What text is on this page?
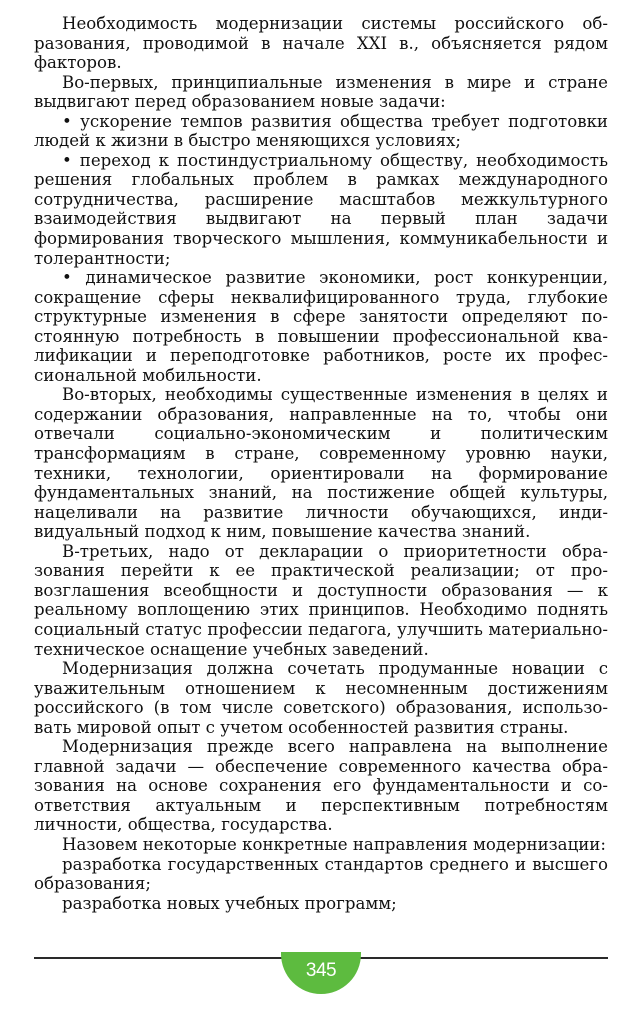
Необходимость модернизации системы российского образования, проводимой в начале XXI в., объясняется рядом факторов.

Во-первых, принципиальные изменения в мире и стране выдвигают перед образованием новые задачи:

• ускорение темпов развития общества требует подготовки людей к жизни в быстро меняющихся условиях;

• переход к постиндустриальному обществу, необходимость решения глобальных проблем в рамках международного сотрудничества, расширение масштабов межкультурного взаимодействия выдвигают на первый план задачи формирования творческого мышления, коммуникабельности и толерантности;

• динамическое развитие экономики, рост конкуренции, сокращение сферы неквалифицированного труда, глубокие структурные изменения в сфере занятости определяют постоянную потребность в повышении профессиональной квалификации и переподготовке работников, росте их профессиональной мобильности.

Во-вторых, необходимы существенные изменения в целях и содержании образования, направленные на то, чтобы они отвечали социально-экономическим и политическим трансформациям в стране, современному уровню науки, техники, технологии, ориентировали на формирование фундаментальных знаний, на постижение общей культуры, нацеливали на развитие личности обучающихся, индивидуальный подход к ним, повышение качества знаний.

В-третьих, надо от декларации о приоритетности образования перейти к ее практической реализации; от провозглашения всеобщности и доступности образования — к реальному воплощению этих принципов. Необходимо поднять социальный статус профессии педагога, улучшить материально-техническое оснащение учебных заведений.

Модернизация должна сочетать продуманные новации с уважительным отношением к несомненным достижениям российского (в том числе советского) образования, использовать мировой опыт с учетом особенностей развития страны.

Модернизация прежде всего направлена на выполнение главной задачи — обеспечение современного качества образования на основе сохранения его фундаментальности и соответствия актуальным и перспективным потребностям личности, общества, государства.

Назовем некоторые конкретные направления модернизации:

разработка государственных стандартов среднего и высшего образования;

разработка новых учебных программ;

345
